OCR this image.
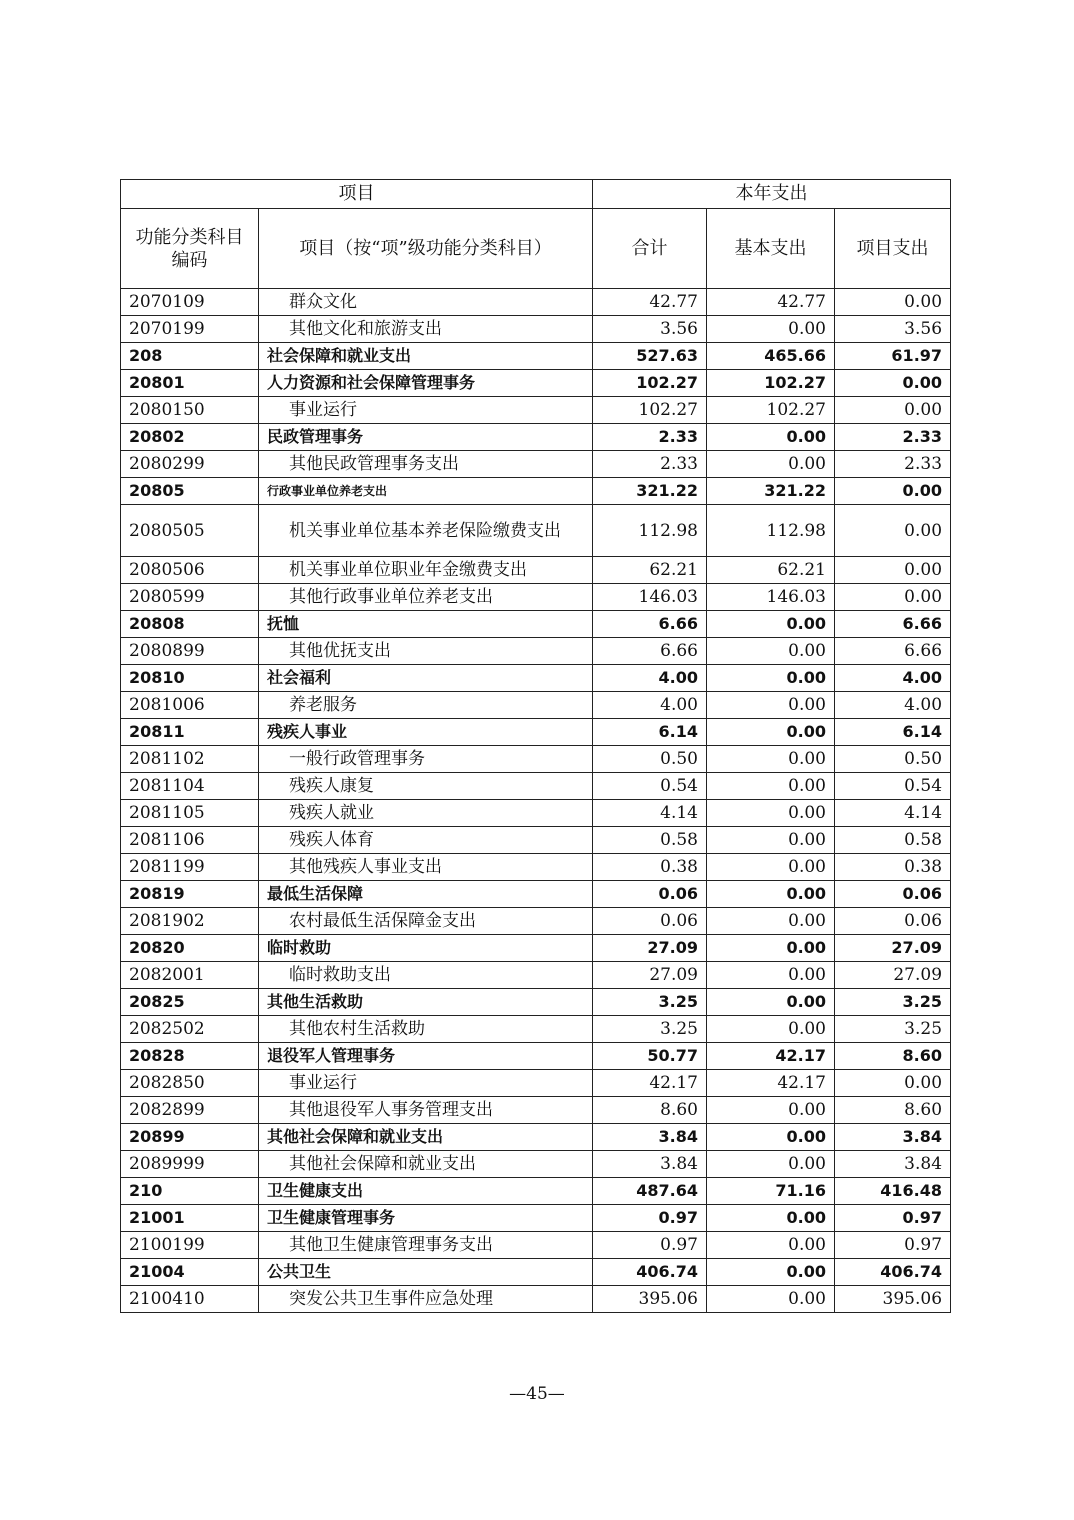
项目		本年支出		
功能分类科目编码	项目（按“项”级功能分类科目）	合计	基本支出	项目支出
2070109	群众文化	42.77	42.77	0.00
2070199	其他文化和旅游支出	3.56	0.00	3.56
208	社会保障和就业支出	527.63	465.66	61.97
20801	人力资源和社会保障管理事务	102.27	102.27	0.00
2080150	事业运行	102.27	102.27	0.00
20802	民政管理事务	2.33	0.00	2.33
2080299	其他民政管理事务支出	2.33	0.00	2.33
20805	行政事业单位养老支出	321.22	321.22	0.00
2080505	机关事业单位基本养老保险缴费支出	112.98	112.98	0.00
2080506	机关事业单位职业年金缴费支出	62.21	62.21	0.00
2080599	其他行政事业单位养老支出	146.03	146.03	0.00
20808	抚恤	6.66	0.00	6.66
2080899	其他优抚支出	6.66	0.00	6.66
20810	社会福利	4.00	0.00	4.00
2081006	养老服务	4.00	0.00	4.00
20811	残疾人事业	6.14	0.00	6.14
2081102	一般行政管理事务	0.50	0.00	0.50
2081104	残疾人康复	0.54	0.00	0.54
2081105	残疾人就业	4.14	0.00	4.14
2081106	残疾人体育	0.58	0.00	0.58
2081199	其他残疾人事业支出	0.38	0.00	0.38
20819	最低生活保障	0.06	0.00	0.06
2081902	农村最低生活保障金支出	0.06	0.00	0.06
20820	临时救助	27.09	0.00	27.09
2082001	临时救助支出	27.09	0.00	27.09
20825	其他生活救助	3.25	0.00	3.25
2082502	其他农村生活救助	3.25	0.00	3.25
20828	退役军人管理事务	50.77	42.17	8.60
2082850	事业运行	42.17	42.17	0.00
2082899	其他退役军人事务管理支出	8.60	0.00	8.60
20899	其他社会保障和就业支出	3.84	0.00	3.84
2089999	其他社会保障和就业支出	3.84	0.00	3.84
210	卫生健康支出	487.64	71.16	416.48
21001	卫生健康管理事务	0.97	0.00	0.97
2100199	其他卫生健康管理事务支出	0.97	0.00	0.97
21004	公共卫生	406.74	0.00	406.74
2100410	突发公共卫生事件应急处理	395.06	0.00	395.06
—45—
